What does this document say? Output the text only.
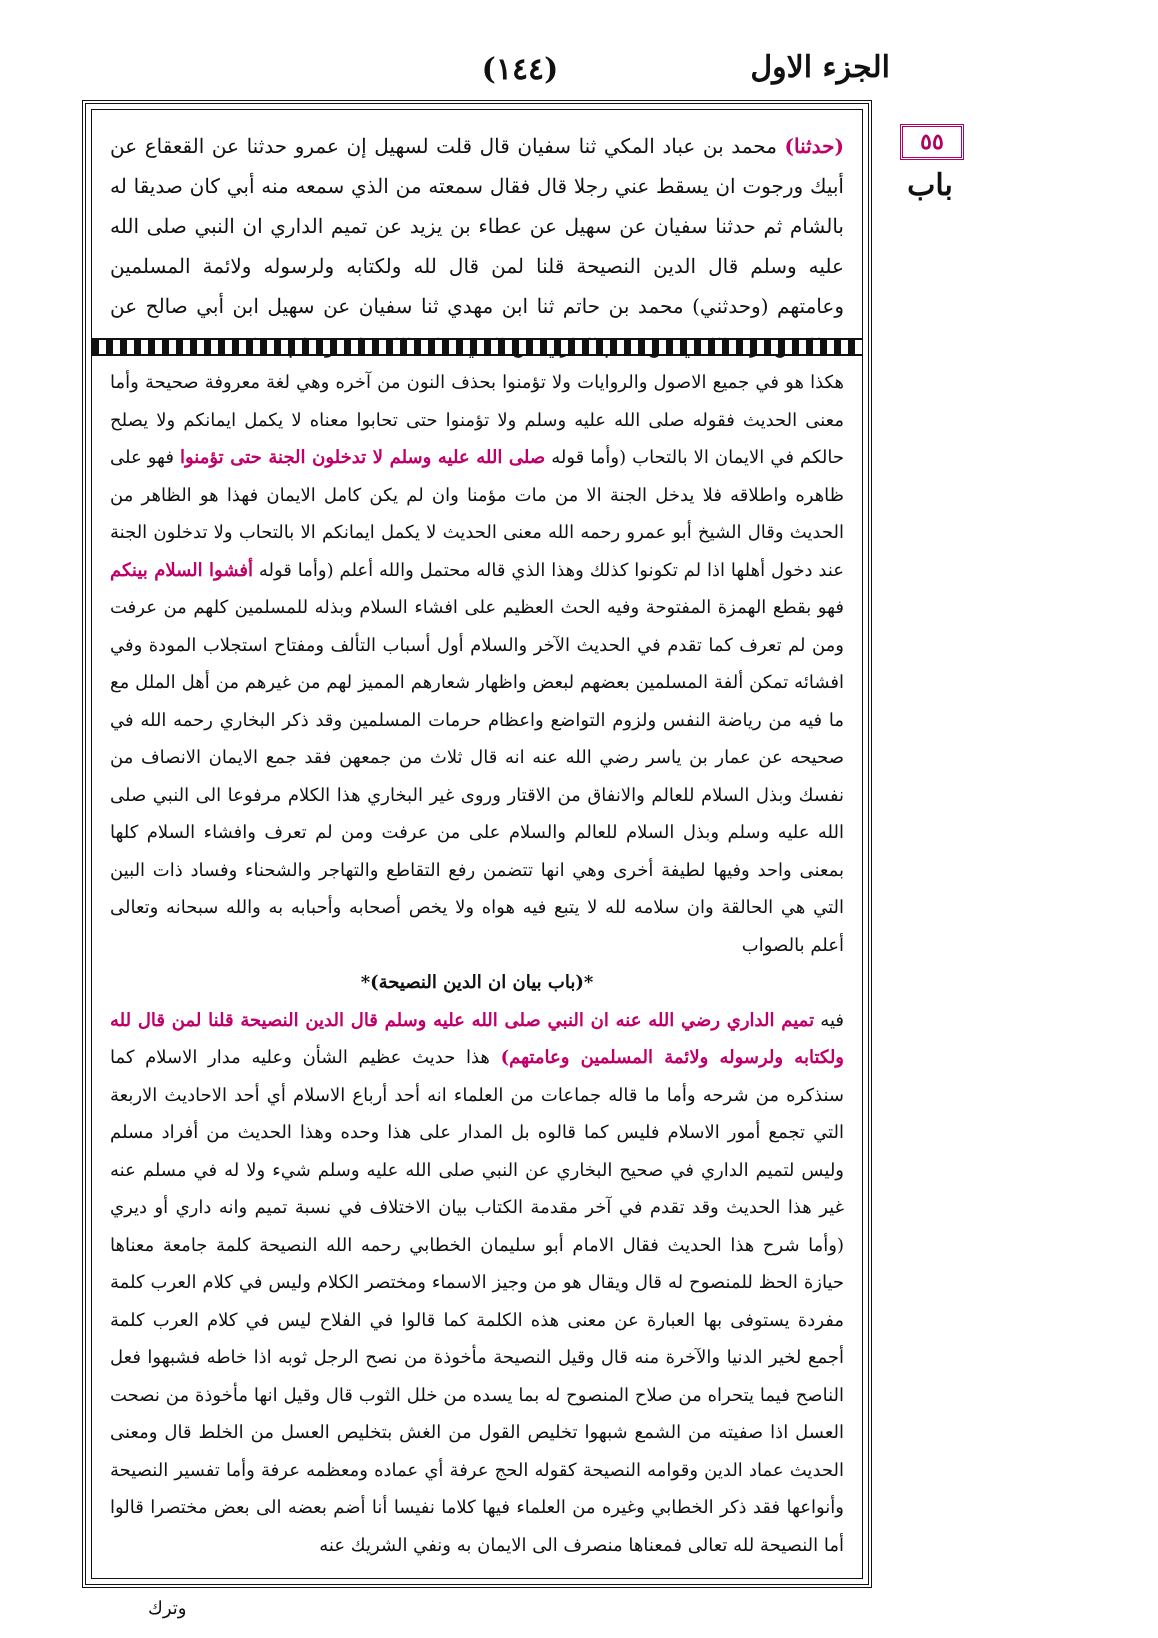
(١٤٤)	الجزء الاول
٥٥
باب
(حدثنا) محمد بن عباد المكي ثنا سفيان قال قلت لسهيل إن عمرو حدثنا عن القعقاع عن أبيك ورجوت ان يسقط عني رجلا قال فقال سمعته من الذي سمعه منه أبي كان صديقا له بالشام ثم حدثنا سفيان عن سهيل عن عطاء بن يزيد عن تميم الداري ان النبي صلى الله عليه وسلم قال الدين النصيحة قلنا لمن قال لله ولكتابه ولرسوله ولائمة المسلمين وعامتهم (وحدثني) محمد بن حاتم ثنا ابن مهدي ثنا سفيان عن سهيل ابن أبي صالح عن

هكذا هو في جميع الاصول والروايات ولا تؤمنوا بحذف النون من آخره وهي لغة معروفة صحيحة وأما معنى الحديث فقوله صلى الله عليه وسلم ولا تؤمنوا حتى تحابوا معناه لا يكمل ايمانكم ولا يصلح حالكم في الايمان الا بالتحاب (وأما قوله صلى الله عليه وسلم لا تدخلون الجنة حتى تؤمنوا فهو على ظاهره واطلاقه فلا يدخل الجنة الا من مات مؤمنا وان لم يكن كامل الايمان فهذا هو الظاهر من الحديث وقال الشيخ أبو عمرو رحمه الله معنى الحديث لا يكمل ايمانكم الا بالتحاب ولا تدخلون الجنة عند دخول أهلها اذا لم تكونوا كذلك وهذا الذي قاله محتمل والله أعلم (وأما قوله أفشوا السلام بينكم فهو بقطع الهمزة المفتوحة وفيه الحث العظيم على افشاء السلام وبذله للمسلمين كلهم من عرفت ومن لم تعرف كما تقدم في الحديث الآخر والسلام أول أسباب التألف ومفتاح استجلاب المودة وفي افشائه تمكن ألفة المسلمين بعضهم لبعض واظهار شعارهم المميز لهم من غيرهم من أهل الملل مع ما فيه من رياضة النفس ولزوم التواضع واعظام حرمات المسلمين وقد ذكر البخاري رحمه الله في صحيحه عن عمار بن ياسر رضي الله عنه انه قال ثلاث من جمعهن فقد جمع الايمان الانصاف من نفسك وبذل السلام للعالم والانفاق من الاقتار وروى غير البخاري هذا الكلام مرفوعا الى النبي صلى الله عليه وسلم وبذل السلام للعالم والسلام على من عرفت ومن لم تعرف وافشاء السلام كلها بمعنى واحد وفيها لطيفة أخرى وهي انها تتضمن رفع التقاطع والتهاجر والشحناء وفساد ذات البين التي هي الحالقة وان سلامه لله لا يتبع فيه هواه ولا يخص أصحابه وأحبابه به والله سبحانه وتعالى أعلم بالصواب

*(باب بيان ان الدين النصيحة)*

فيه تميم الداري رضي الله عنه ان النبي صلى الله عليه وسلم قال الدين النصيحة قلنا لمن قال لله ولكتابه ولرسوله ولائمة المسلمين وعامتهم) هذا حديث عظيم الشأن وعليه مدار الاسلام كما سنذكره من شرحه وأما ما قاله جماعات من العلماء انه أحد أرباع الاسلام أي أحد الاحاديث الاربعة التي تجمع أمور الاسلام فليس كما قالوه بل المدار على هذا وحده وهذا الحديث من أفراد مسلم وليس لتميم الداري في صحيح البخاري عن النبي صلى الله عليه وسلم شيء ولا له في مسلم عنه غير هذا الحديث وقد تقدم في آخر مقدمة الكتاب بيان الاختلاف في نسبة تميم وانه داري أو ديري (وأما شرح هذا الحديث فقال الامام أبو سليمان الخطابي رحمه الله النصيحة كلمة جامعة معناها حيازة الحظ للمنصوح له قال ويقال هو من وجيز الاسماء ومختصر الكلام وليس في كلام العرب كلمة مفردة يستوفى بها العبارة عن معنى هذه الكلمة كما قالوا في الفلاح ليس في كلام العرب كلمة أجمع لخير الدنيا والآخرة منه قال وقيل النصيحة مأخوذة من نصح الرجل ثوبه اذا خاطه فشبهوا فعل الناصح فيما يتحراه من صلاح المنصوح له بما يسده من خلل الثوب قال وقيل انها مأخوذة من نصحت العسل اذا صفيته من الشمع شبهوا تخليص القول من الغش بتخليص العسل من الخلط قال ومعنى الحديث عماد الدين وقوامه النصيحة كقوله الحج عرفة أي عماده ومعظمه عرفة وأما تفسير النصيحة وأنواعها فقد ذكر الخطابي وغيره من العلماء فيها كلاما نفيسا أنا أضم بعضه الى بعض مختصرا قالوا أما النصيحة لله تعالى فمعناها منصرف الى الايمان به ونفي الشريك عنه

وترك
